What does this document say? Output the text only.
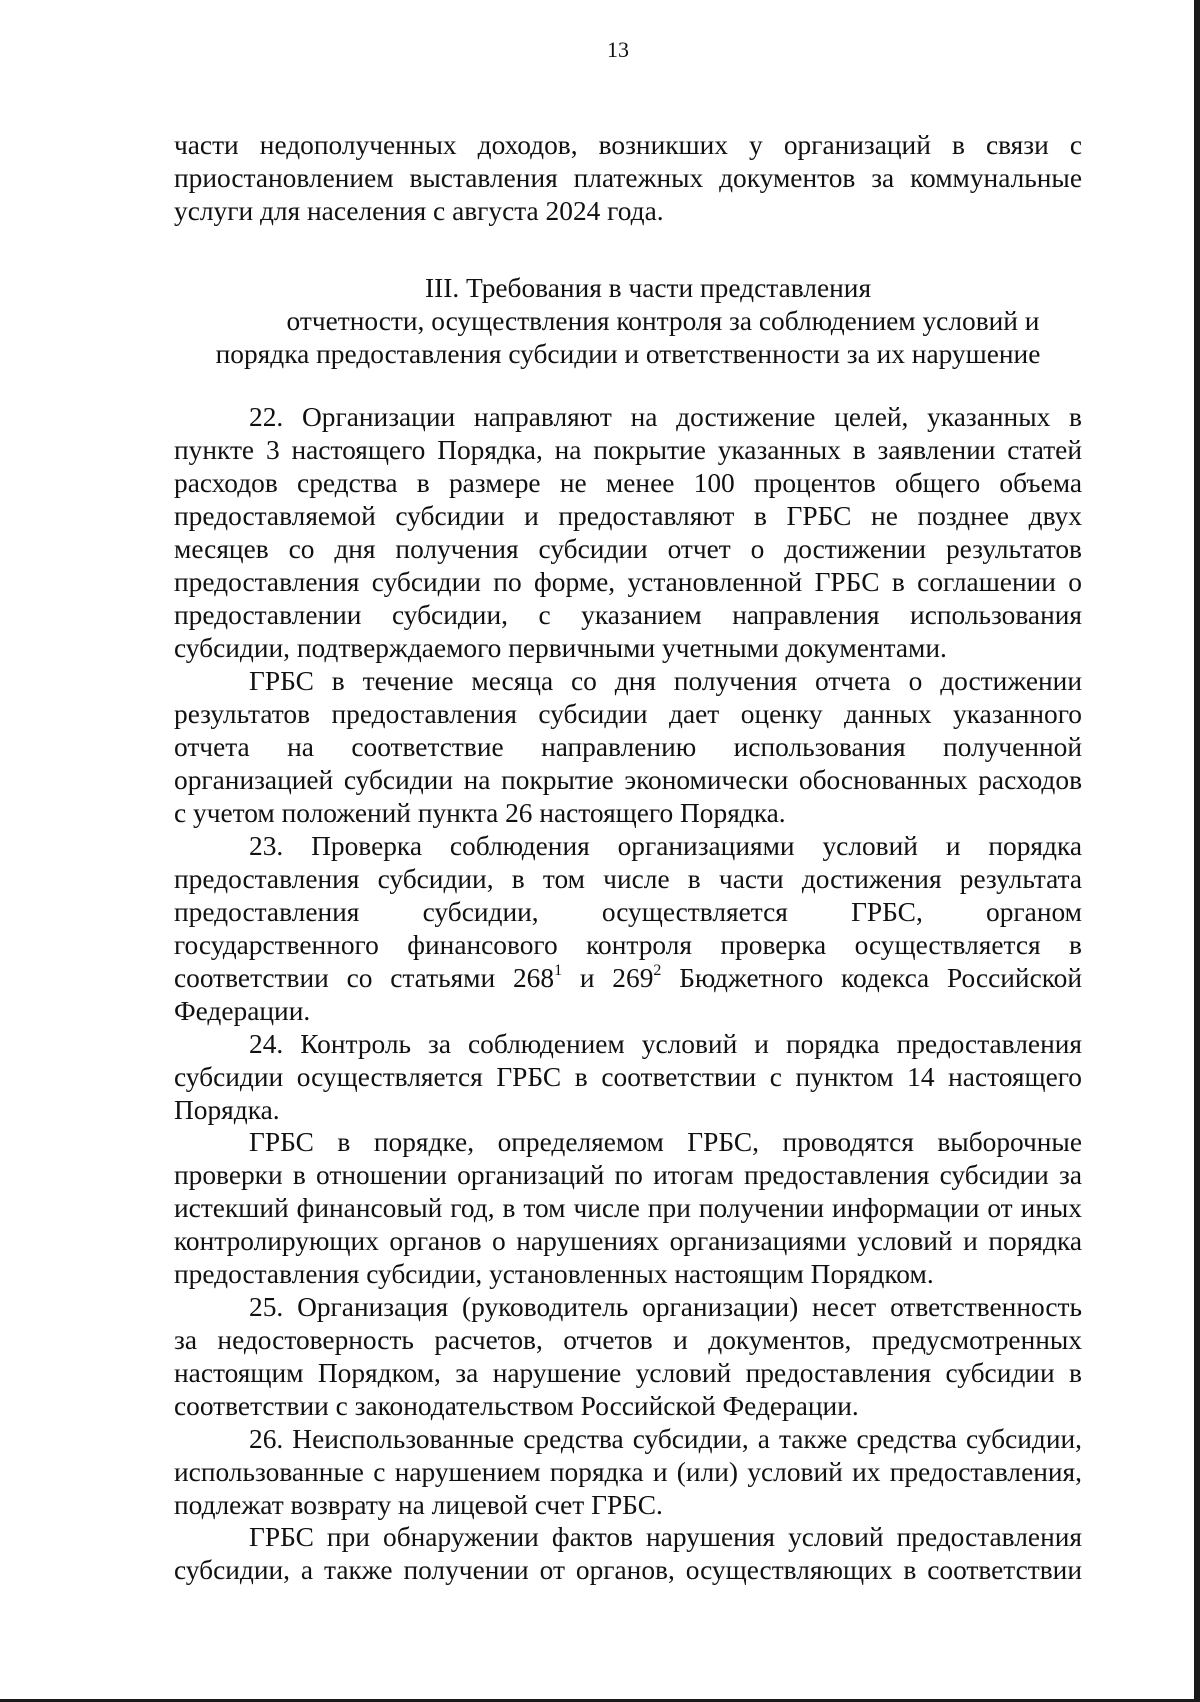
13
части недополученных доходов, возникших у организаций в связи с
приостановлением выставления платежных документов за коммунальные
услуги для населения с августа 2024 года.
III. Требования в части представления
отчетности, осуществления контроля за соблюдением условий и
порядка предоставления субсидии и ответственности за их нарушение
22. Организации направляют на достижение целей, указанных в
пункте 3 настоящего Порядка, на покрытие указанных в заявлении статей
расходов средства в размере не менее 100 процентов общего объема
предоставляемой субсидии и предоставляют в ГРБС не позднее двух
месяцев со дня получения субсидии отчет о достижении результатов
предоставления субсидии по форме, установленной ГРБС в соглашении о
предоставлении субсидии, с указанием направления использования
субсидии, подтверждаемого первичными учетными документами.
ГРБС в течение месяца со дня получения отчета о достижении
результатов предоставления субсидии дает оценку данных указанного
отчета на соответствие направлению использования полученной
организацией субсидии на покрытие экономически обоснованных расходов
с учетом положений пункта 26 настоящего Порядка.
23. Проверка соблюдения организациями условий и порядка
предоставления субсидии, в том числе в части достижения результата
предоставления субсидии, осуществляется ГРБС, органом
государственного финансового контроля проверка осуществляется в
соответствии со статьями $268^1$ и $269^2$ Бюджетного кодекса Российской
Федерации.
24. Контроль за соблюдением условий и порядка предоставления
субсидии осуществляется ГРБС в соответствии с пунктом 14 настоящего
Порядка.
ГРБС в порядке, определяемом ГРБС, проводятся выборочные
проверки в отношении организаций по итогам предоставления субсидии за
истекший финансовый год, в том числе при получении информации от иных
контролирующих органов о нарушениях организациями условий и порядка
предоставления субсидии, установленных настоящим Порядком.
25. Организация (руководитель организации) несет ответственность
за недостоверность расчетов, отчетов и документов, предусмотренных
настоящим Порядком, за нарушение условий предоставления субсидии в
соответствии с законодательством Российской Федерации.
26. Неиспользованные средства субсидии, а также средства субсидии,
использованные с нарушением порядка и (или) условий их предоставления,
подлежат возврату на лицевой счет ГРБС.
ГРБС при обнаружении фактов нарушения условий предоставления
субсидии, а также получении от органов, осуществляющих в соответствии
